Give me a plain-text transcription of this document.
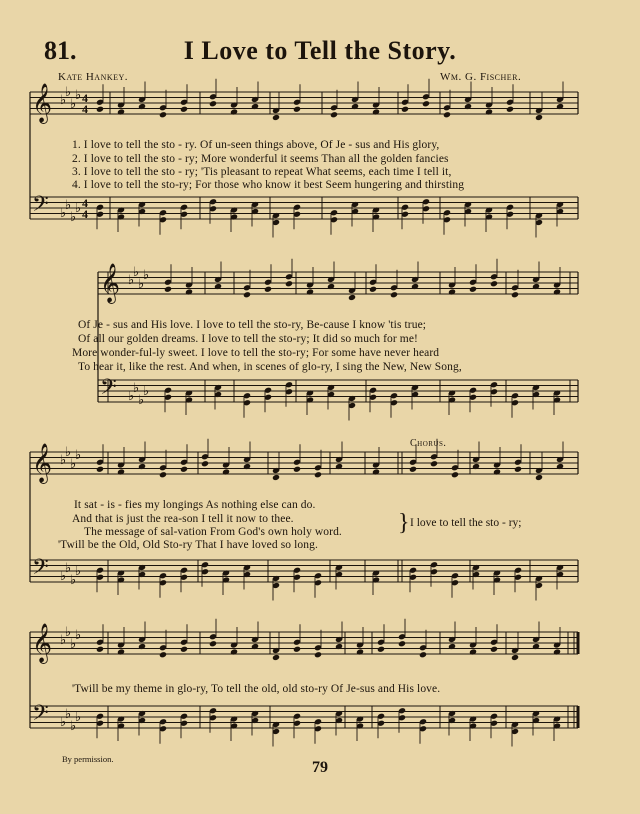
81.	I Love to Tell the Story.
Kate Hankey.	Wm. G. Fischer.
𝄞 ♭
♭
♭
♭ 4
4
𝄢 ♭
♭
♭
♭ 4
4
𝄞 ♭
♭
♭
♭
𝄢 ♭
♭
♭
♭
𝄞 ♭
♭
♭
♭
𝄢 ♭
♭
♭
♭
𝄞 ♭
♭
♭
♭
𝄢 ♭
♭
♭
♭
1. I love to tell the sto - ry. Of un-seen things above, Of Je - sus and His glory,
2. I love to tell the sto - ry; More wonderful it seems Than all the golden fancies
3. I love to tell the sto - ry; 'Tis pleasant to repeat What seems, each time I tell it,
4. I love to tell the sto-ry; For those who know it best Seem hungering and thirsting
Of Je - sus and His love. I love to tell the sto-ry, Be-cause I know 'tis true;
Of all our golden dreams. I love to tell the sto-ry; It did so much for me!
More wonder-ful-ly sweet. I love to tell the sto-ry; For some have never heard
To hear it, like the rest. And when, in scenes of glo-ry, I sing the New, New Song,
Chorus.
It sat - is - fies my longings As nothing else can do.
And that is just the rea-son I tell it now to thee.
The message of sal-vation From God's own holy word.
'Twill be the Old, Old Sto-ry That I have loved so long.
} I love to tell the sto - ry;
'Twill be my theme in glo-ry, To tell the old, old sto-ry Of Je-sus and His love.
By permission.	79
